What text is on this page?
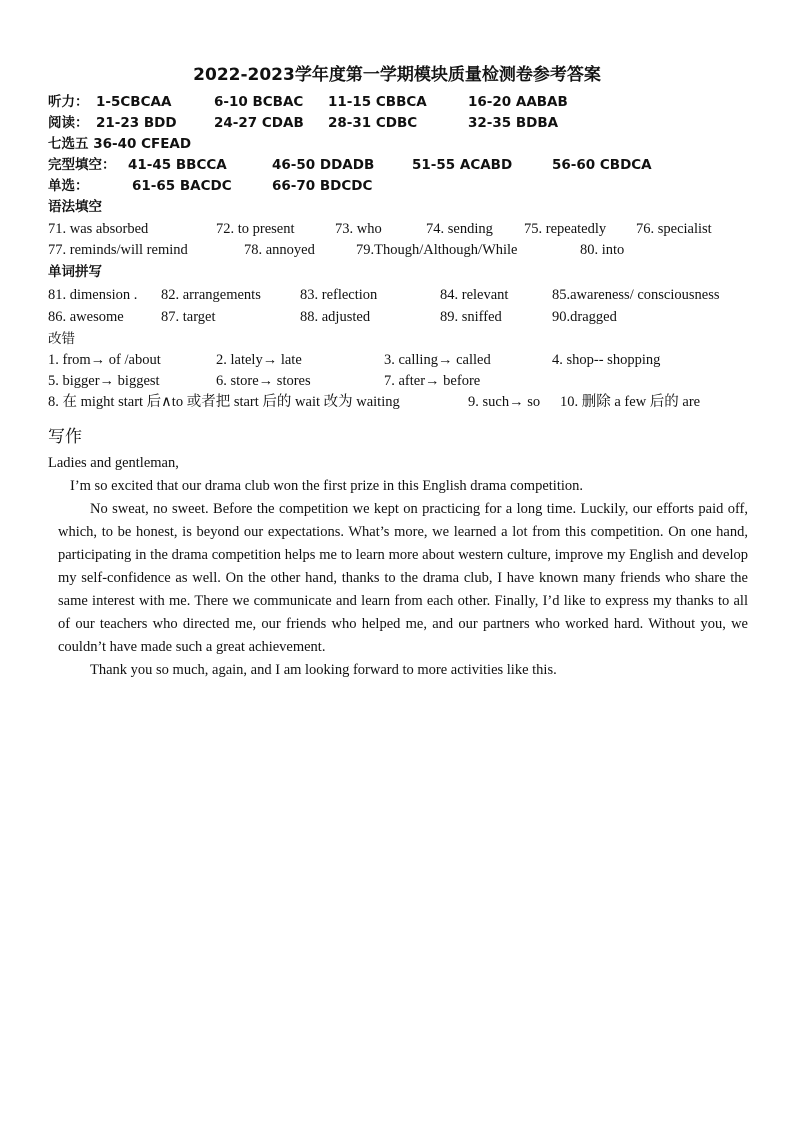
2022-2023学年度第一学期模块质量检测卷参考答案
听力： 1-5CBCAA	6-10 BCBAC 11-15 CBBCA	16-20 AABAB
阅读： 21-23 BDD	24-27 CDAB 28-31 CDBC	32-35 BDBA
七选五 36-40 CFEAD
完型填空： 41-45 BBCCA	46-50 DDADB	51-55 ACABD	56-60 CBDCA
单选：	61-65 BACDC	66-70 BDCDC
语法填空
71. was absorbed	72. to present	73. who	74. sending 75. repeatedly 76. specialist
77. reminds/will remind	78. annoyed	79.Though/Although/While	80. into
单词拼写
81. dimension . 82. arrangements	83. reflection	84. relevant	85.awareness/ consciousness
86. awesome	87. target	88. adjusted	89. sniffed	90.dragged
改错
1. from→ of /about	2. lately→ late	3. calling→ called	4. shop-- shopping
5. bigger→ biggest	6. store→ stores	7. after→ before
8. 在 might start 后∧to 或者把 start 后的 wait 改为 waiting	9. such→ so 10. 删除 a few 后的 are
写作

Ladies and gentleman,

I’m so excited that our drama club won the first prize in this English drama competition.

No sweat, no sweet. Before the competition we kept on practicing for a long time. Luckily, our efforts paid off, which, to be honest, is beyond our expectations. What’s more, we learned a lot from this competition. On one hand, participating in the drama competition helps me to learn more about western culture, improve my English and develop my self-confidence as well. On the other hand, thanks to the drama club, I have known many friends who share the same interest with me. There we communicate and learn from each other. Finally, I’d like to express my thanks to all of our teachers who directed me, our friends who helped me, and our partners who worked hard. Without you, we couldn’t have made such a great achievement.

Thank you so much, again, and I am looking forward to more activities like this.
